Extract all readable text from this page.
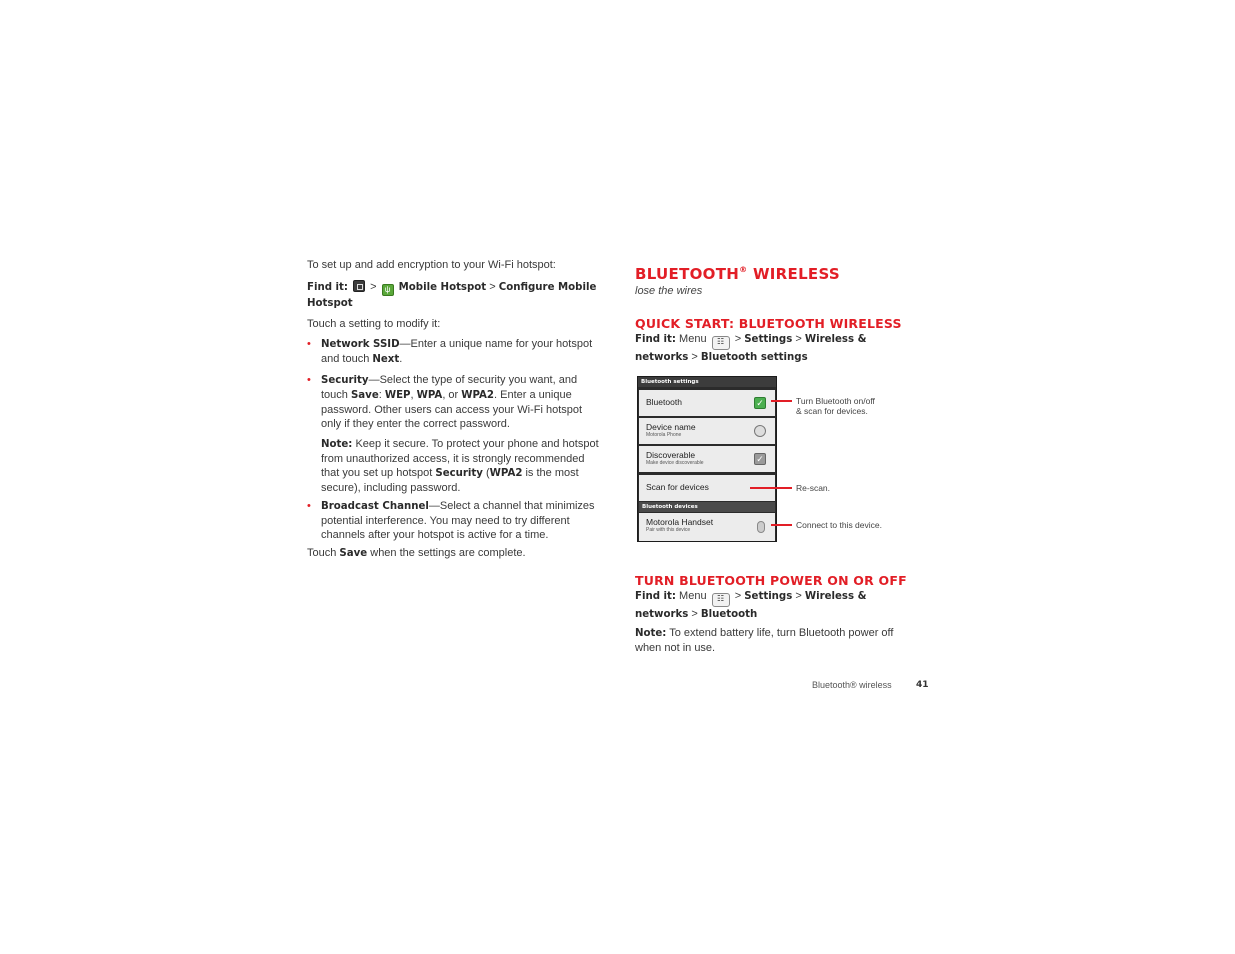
To set up and add encryption to your Wi-Fi hotspot:

Find it: > ψ Mobile Hotspot > Configure Mobile Hotspot

Touch a setting to modify it:

• Network SSID—Enter a unique name for your hotspot and touch Next.
• Security—Select the type of security you want, and touch Save: WEP, WPA, or WPA2. Enter a unique password. Other users can access your Wi-Fi hotspot only if they enter the correct password.
Note: Keep it secure. To protect your phone and hotspot from unauthorized access, it is strongly recommended that you set up hotspot Security (WPA2 is the most secure), including password.
• Broadcast Channel—Select a channel that minimizes potential interference. You may need to try different channels after your hotspot is active for a time.

Touch Save when the settings are complete.

BLUETOOTH® WIRELESS

lose the wires

QUICK START: BLUETOOTH WIRELESS

Find it: Menu ☷ > Settings > Wireless & networks > Bluetooth settings

Bluetooth settings
Bluetooth	✓
Device name
Motorola Phone
Discoverable
Make device discoverable	✓
Scan for devices
Bluetooth devices
Motorola Handset
Pair with this device
Turn Bluetooth on/off
& scan for devices.
Re-scan.
Connect to this device.
TURN BLUETOOTH POWER ON OR OFF

Find it: Menu ☷ > Settings > Wireless & networks > Bluetooth

Note: To extend battery life, turn Bluetooth power off when not in use.

Bluetooth® wireless	41
